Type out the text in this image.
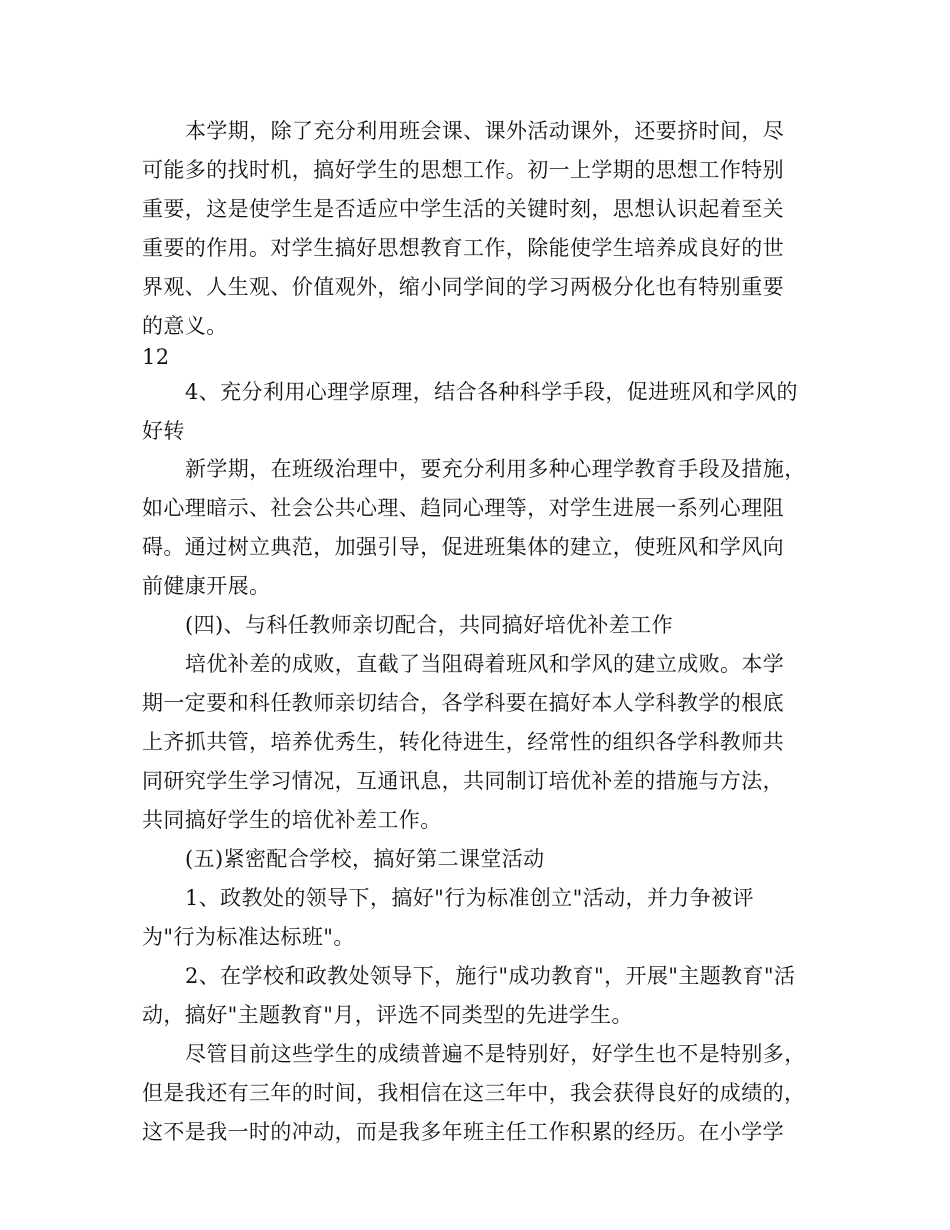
本学期，除了充分利用班会课、课外活动课外，还要挤时间，尽
可能多的找时机，搞好学生的思想工作。初一上学期的思想工作特别
重要，这是使学生是否适应中学生活的关键时刻，思想认识起着至关
重要的作用。对学生搞好思想教育工作，除能使学生培养成良好的世
界观、人生观、价值观外，缩小同学间的学习两极分化也有特别重要
的意义。
12
4、充分利用心理学原理，结合各种科学手段，促进班风和学风的
好转
新学期，在班级治理中，要充分利用多种心理学教育手段及措施，
如心理暗示、社会公共心理、趋同心理等，对学生进展一系列心理阻
碍。通过树立典范，加强引导，促进班集体的建立，使班风和学风向
前健康开展。
(四)、与科任教师亲切配合，共同搞好培优补差工作
培优补差的成败，直截了当阻碍着班风和学风的建立成败。本学
期一定要和科任教师亲切结合，各学科要在搞好本人学科教学的根底
上齐抓共管，培养优秀生，转化待进生，经常性的组织各学科教师共
同研究学生学习情况，互通讯息，共同制订培优补差的措施与方法，
共同搞好学生的培优补差工作。
(五)紧密配合学校，搞好第二课堂活动
1、政教处的领导下，搞好"行为标准创立"活动，并力争被评
为"行为标准达标班"。
2、在学校和政教处领导下，施行"成功教育"，开展"主题教育"活
动，搞好"主题教育"月，评选不同类型的先进学生。
尽管目前这些学生的成绩普遍不是特别好，好学生也不是特别多，
但是我还有三年的时间，我相信在这三年中，我会获得良好的成绩的，
这不是我一时的冲动，而是我多年班主任工作积累的经历。在小学学
